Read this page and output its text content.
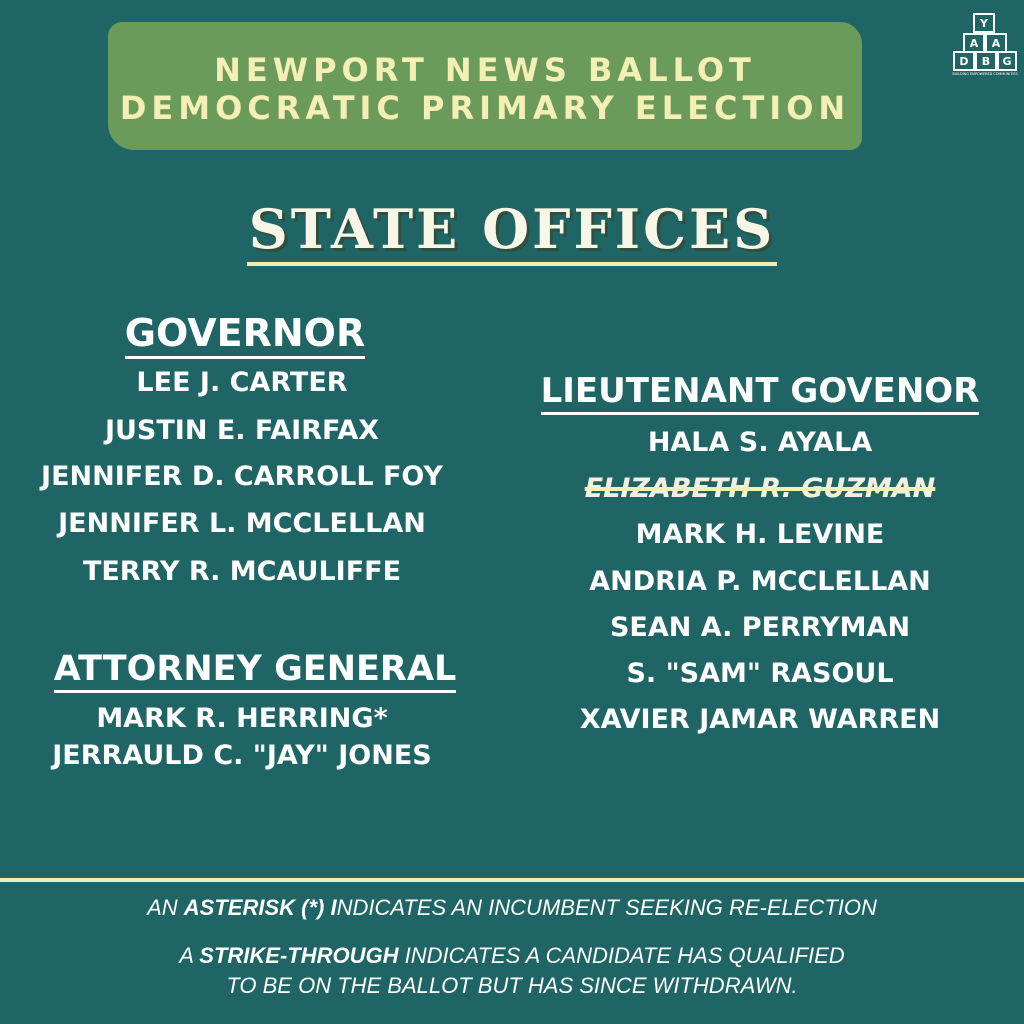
NEWPORT NEWS BALLOT
DEMOCRATIC PRIMARY ELECTION
Y
A A
D B G
BUILDING EMPOWERED COMMUNITIES
STATE OFFICES
GOVERNOR
LEE J. CARTER
JUSTIN E. FAIRFAX
JENNIFER D. CARROLL FOY
JENNIFER L. MCCLELLAN
TERRY R. MCAULIFFE
ATTORNEY GENERAL
MARK R. HERRING*
JERRAULD C. "JAY" JONES
LIEUTENANT GOVENOR
HALA S. AYALA
ELIZABETH R. GUZMAN
MARK H. LEVINE
ANDRIA P. MCCLELLAN
SEAN A. PERRYMAN
S. "SAM" RASOUL
XAVIER JAMAR WARREN
AN ASTERISK (*) INDICATES AN INCUMBENT SEEKING RE-ELECTION
A STRIKE-THROUGH INDICATES A CANDIDATE HAS QUALIFIED
TO BE ON THE BALLOT BUT HAS SINCE WITHDRAWN.
